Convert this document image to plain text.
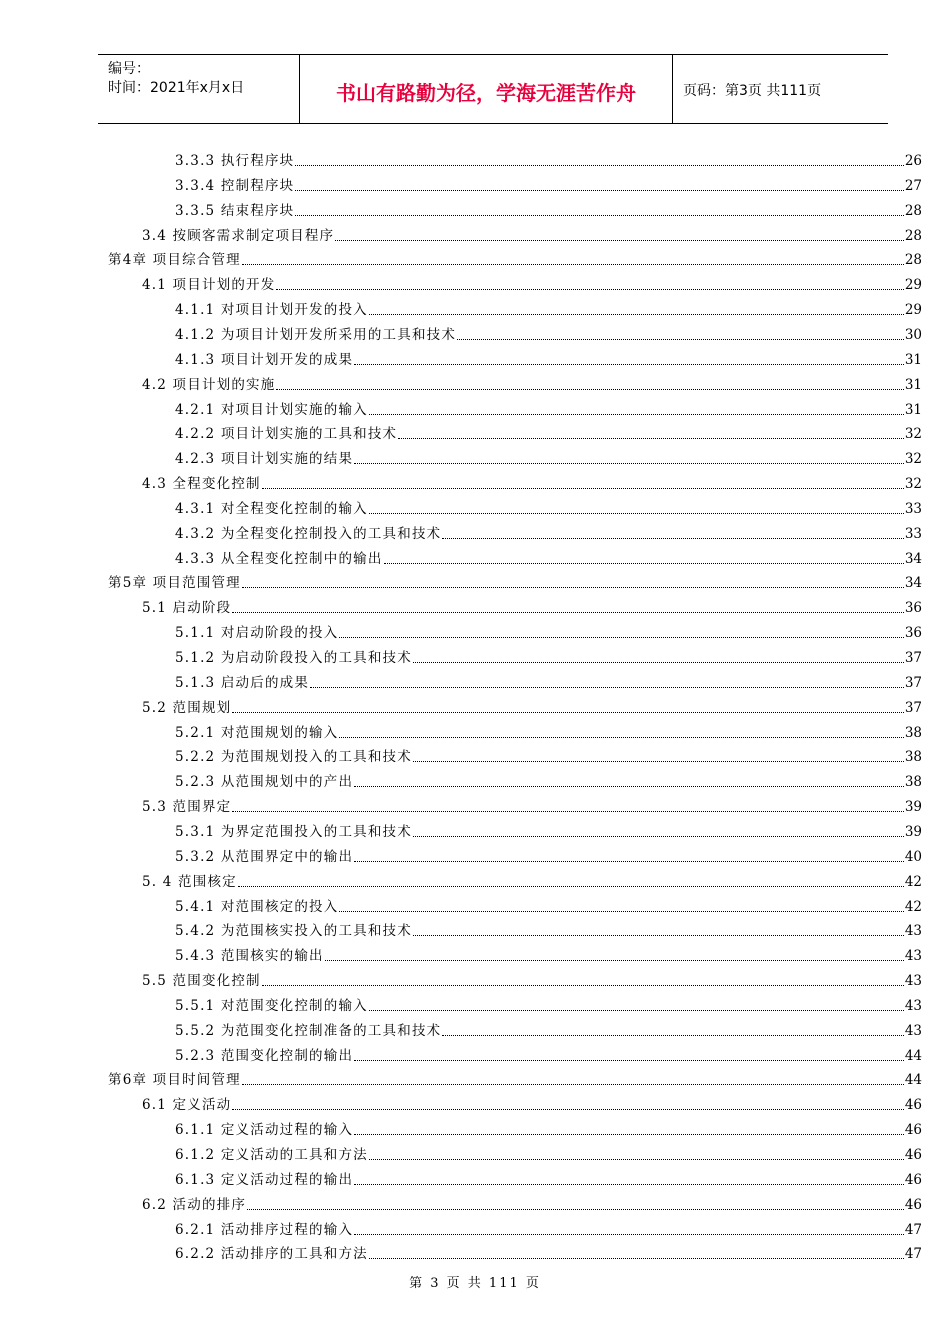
编号：
时间：2021年x月x日	书山有路勤为径，学海无涯苦作舟	页码：第3页 共111页
3.3.3 执行程序块	26
3.3.4 控制程序块	27
3.3.5 结束程序块	28
3.4 按顾客需求制定项目程序	28
第4章 项目综合管理	28
4.1 项目计划的开发	29
4.1.1 对项目计划开发的投入	29
4.1.2 为项目计划开发所采用的工具和技术	30
4.1.3 项目计划开发的成果	31
4.2 项目计划的实施	31
4.2.1 对项目计划实施的输入	31
4.2.2 项目计划实施的工具和技术	32
4.2.3 项目计划实施的结果	32
4.3 全程变化控制	32
4.3.1 对全程变化控制的输入	33
4.3.2 为全程变化控制投入的工具和技术	33
4.3.3 从全程变化控制中的输出	34
第5章 项目范围管理	34
5.1 启动阶段	36
5.1.1 对启动阶段的投入	36
5.1.2 为启动阶段投入的工具和技术	37
5.1.3 启动后的成果	37
5.2 范围规划	37
5.2.1 对范围规划的输入	38
5.2.2 为范围规划投入的工具和技术	38
5.2.3 从范围规划中的产出	38
5.3 范围界定	39
5.3.1 为界定范围投入的工具和技术	39
5.3.2 从范围界定中的输出	40
5. 4 范围核定	42
5.4.1 对范围核定的投入	42
5.4.2 为范围核实投入的工具和技术	43
5.4.3 范围核实的输出	43
5.5 范围变化控制	43
5.5.1 对范围变化控制的输入	43
5.5.2 为范围变化控制准备的工具和技术	43
5.2.3 范围变化控制的输出	44
第6章 项目时间管理	44
6.1 定义活动	46
6.1.1 定义活动过程的输入	46
6.1.2 定义活动的工具和方法	46
6.1.3 定义活动过程的输出	46
6.2 活动的排序	46
6.2.1 活动排序过程的输入	47
6.2.2 活动排序的工具和方法	47
第 3 页 共 111 页
